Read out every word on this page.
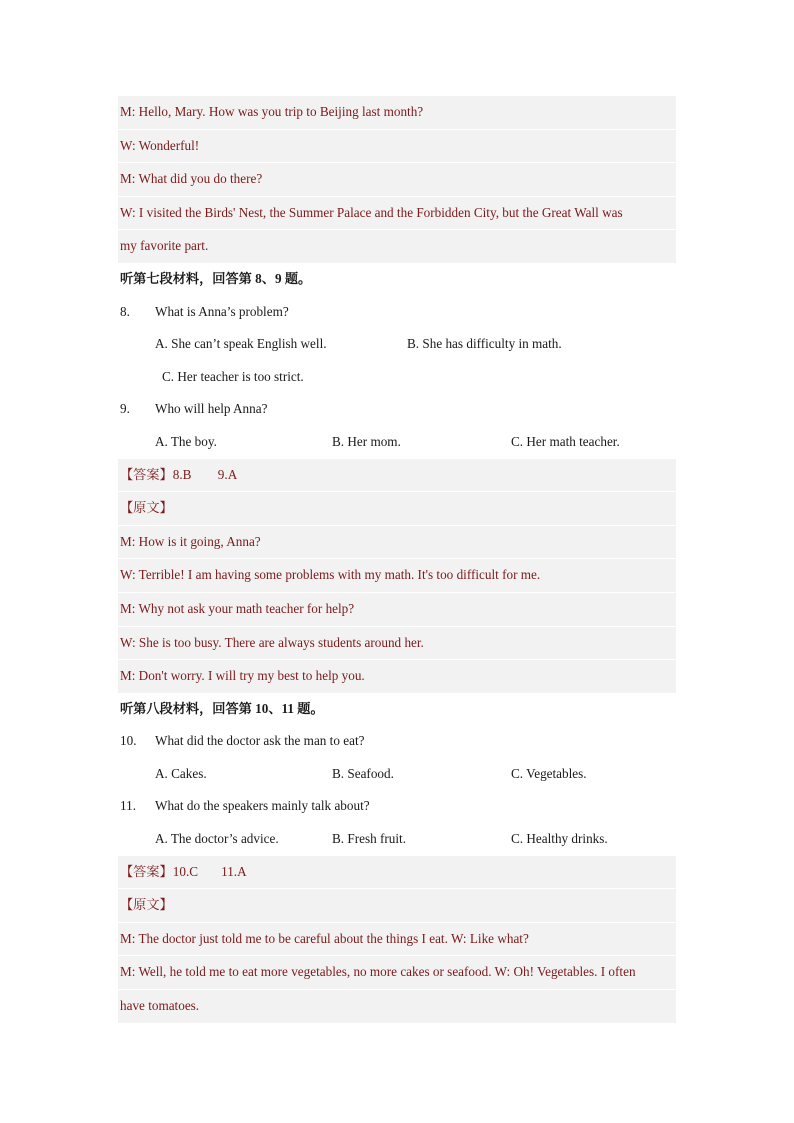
M: Hello, Mary. How was you trip to Beijing last month?
W: Wonderful!
M: What did you do there?
W: I visited the Birds' Nest, the Summer Palace and the Forbidden City, but the Great Wall was
my favorite part.
听第七段材料，回答第 8、9 题。
8. What is Anna’s problem?
A. She can’t speak English well.	B. She has difficulty in math.
C. Her teacher is too strict.
9. Who will help Anna?
A. The boy.	B. Her mom.	C. Her math teacher.
【答案】8.B        9.A
【原文】
M: How is it going, Anna?
W: Terrible! I am having some problems with my math. It's too difficult for me.
M: Why not ask your math teacher for help?
W: She is too busy. There are always students around her.
M: Don't worry. I will try my best to help you.
听第八段材料，回答第 10、11 题。
10. What did the doctor ask the man to eat?
A. Cakes.	B. Seafood.	C. Vegetables.
11. What do the speakers mainly talk about?
A. The doctor’s advice.	B. Fresh fruit.	C. Healthy drinks.
【答案】10.C       11.A
【原文】
M: The doctor just told me to be careful about the things I eat. W: Like what?
M: Well, he told me to eat more vegetables, no more cakes or seafood. W: Oh! Vegetables. I often
have tomatoes.
